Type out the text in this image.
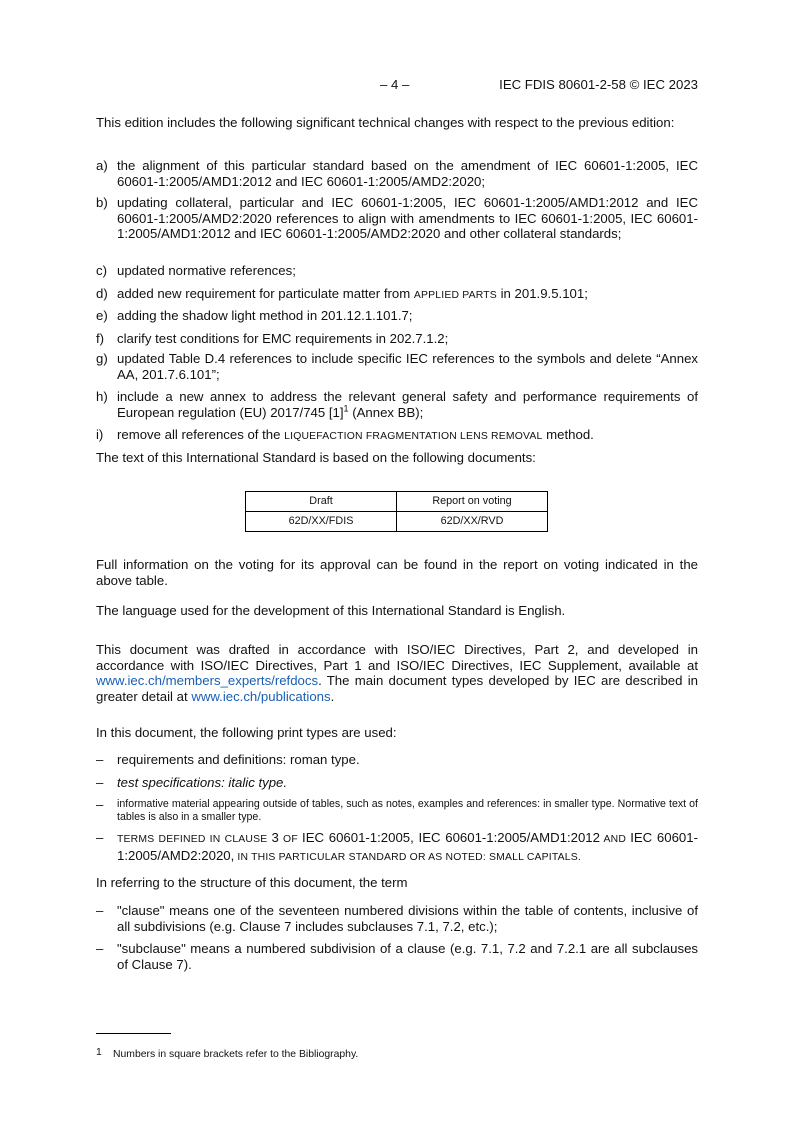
– 4 –	IEC FDIS 80601-2-58 © IEC 2023
This edition includes the following significant technical changes with respect to the previous edition:
a) the alignment of this particular standard based on the amendment of IEC 60601-1:2005, IEC 60601-1:2005/AMD1:2012 and IEC 60601-1:2005/AMD2:2020;
b) updating collateral, particular and IEC 60601-1:2005, IEC 60601-1:2005/AMD1:2012 and IEC 60601-1:2005/AMD2:2020 references to align with amendments to IEC 60601-1:2005, IEC 60601-1:2005/AMD1:2012 and IEC 60601-1:2005/AMD2:2020 and other collateral standards;
c) updated normative references;
d) added new requirement for particulate matter from APPLIED PARTS in 201.9.5.101;
e) adding the shadow light method in 201.12.1.101.7;
f) clarify test conditions for EMC requirements in 202.7.1.2;
g) updated Table D.4 references to include specific IEC references to the symbols and delete “Annex AA, 201.7.6.101”;
h) include a new annex to address the relevant general safety and performance requirements of European regulation (EU) 2017/745 $[1]^1$ (Annex BB);
i) remove all references of the LIQUEFACTION FRAGMENTATION LENS REMOVAL method.
The text of this International Standard is based on the following documents:
Draft	Report on voting
62D/XX/FDIS	62D/XX/RVD
Full information on the voting for its approval can be found in the report on voting indicated in the above table.
The language used for the development of this International Standard is English.
This document was drafted in accordance with ISO/IEC Directives, Part 2, and developed in accordance with ISO/IEC Directives, Part 1 and ISO/IEC Directives, IEC Supplement, available at www.iec.ch/members_experts/refdocs. The main document types developed by IEC are described in greater detail at www.iec.ch/publications.
In this document, the following print types are used:
– requirements and definitions: roman type.
– test specifications: italic type.
– informative material appearing outside of tables, such as notes, examples and references: in smaller type. Normative text of tables is also in a smaller type.
– TERMS DEFINED IN CLAUSE 3 OF IEC 60601-1:2005, IEC 60601-1:2005/AMD1:2012 AND IEC 60601-1:2005/AMD2:2020, IN THIS PARTICULAR STANDARD OR AS NOTED: SMALL CAPITALS.
In referring to the structure of this document, the term
– "clause" means one of the seventeen numbered divisions within the table of contents, inclusive of all subdivisions (e.g. Clause 7 includes subclauses 7.1, 7.2, etc.);
– "subclause" means a numbered subdivision of a clause (e.g. 7.1, 7.2 and 7.2.1 are all subclauses of Clause 7).
1 Numbers in square brackets refer to the Bibliography.
